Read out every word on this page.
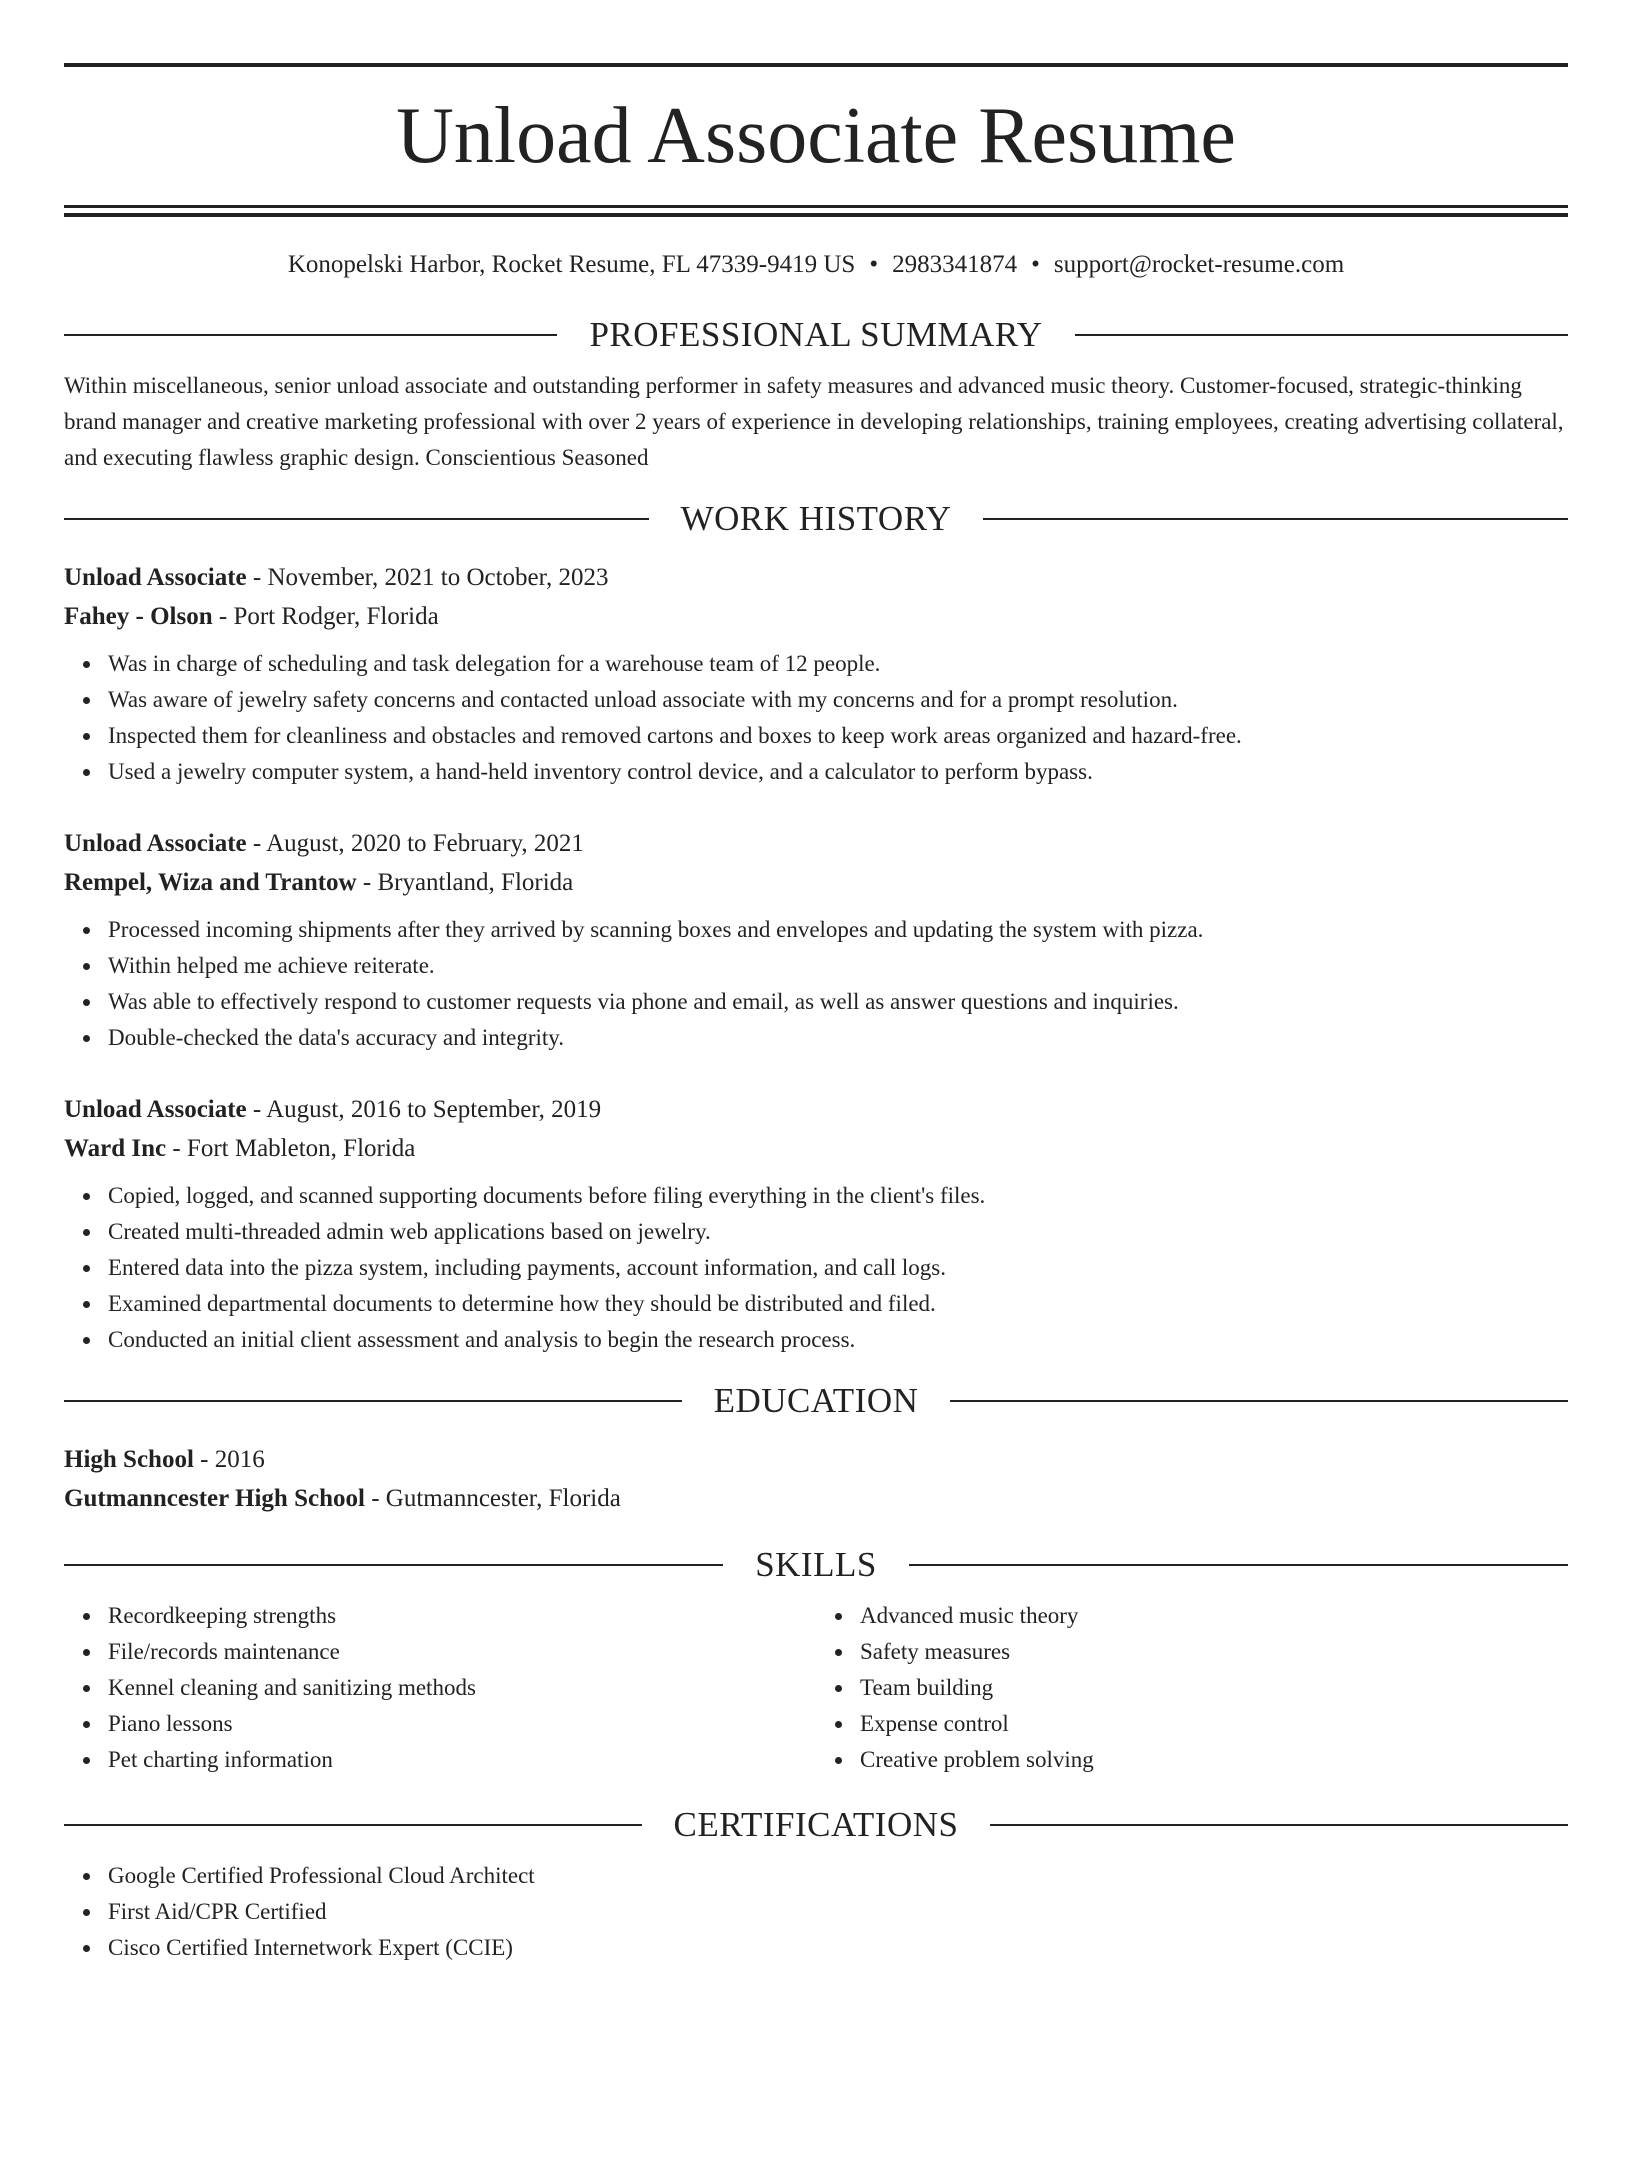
Unload Associate Resume
Konopelski Harbor, Rocket Resume, FL 47339-9419 US • 2983341874 • support@rocket-resume.com
PROFESSIONAL SUMMARY
Within miscellaneous, senior unload associate and outstanding performer in safety measures and advanced music theory. Customer-focused, strategic-thinking brand manager and creative marketing professional with over 2 years of experience in developing relationships, training employees, creating advertising collateral, and executing flawless graphic design. Conscientious Seasoned
WORK HISTORY
Unload Associate - November, 2021 to October, 2023
Fahey - Olson - Port Rodger, Florida
Was in charge of scheduling and task delegation for a warehouse team of 12 people.
Was aware of jewelry safety concerns and contacted unload associate with my concerns and for a prompt resolution.
Inspected them for cleanliness and obstacles and removed cartons and boxes to keep work areas organized and hazard-free.
Used a jewelry computer system, a hand-held inventory control device, and a calculator to perform bypass.
Unload Associate - August, 2020 to February, 2021
Rempel, Wiza and Trantow - Bryantland, Florida
Processed incoming shipments after they arrived by scanning boxes and envelopes and updating the system with pizza.
Within helped me achieve reiterate.
Was able to effectively respond to customer requests via phone and email, as well as answer questions and inquiries.
Double-checked the data's accuracy and integrity.
Unload Associate - August, 2016 to September, 2019
Ward Inc - Fort Mableton, Florida
Copied, logged, and scanned supporting documents before filing everything in the client's files.
Created multi-threaded admin web applications based on jewelry.
Entered data into the pizza system, including payments, account information, and call logs.
Examined departmental documents to determine how they should be distributed and filed.
Conducted an initial client assessment and analysis to begin the research process.
EDUCATION
High School - 2016
Gutmanncester High School - Gutmanncester, Florida
SKILLS
Recordkeeping strengths
File/records maintenance
Kennel cleaning and sanitizing methods
Piano lessons
Pet charting information
Advanced music theory
Safety measures
Team building
Expense control
Creative problem solving
CERTIFICATIONS
Google Certified Professional Cloud Architect
First Aid/CPR Certified
Cisco Certified Internetwork Expert (CCIE)
